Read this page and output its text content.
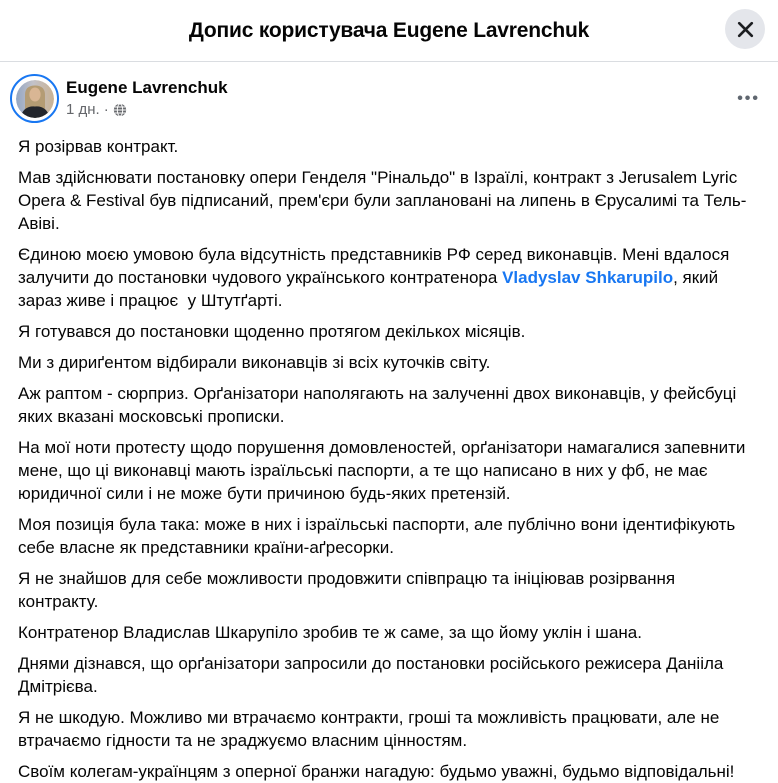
Допис користувача Eugene Lavrenchuk
Eugene Lavrenchuk
1 дн. ·
•••

Я розірвав контракт.

Мав здійснювати постановку опери Генделя "Рінальдо" в Ізраїлі, контракт з Jerusalem Lyric Opera & Festival був підписаний, прем'єри були заплановані на липень в Єрусалимі та Тель-Авіві.

Єдиною моєю умовою була відсутність представників РФ серед виконавців. Мені вдалося залучити до постановки чудового українського контратенора Vladyslav Shkarupilo, який зараз живе і працює  у Штутґарті.

Я готувався до постановки щоденно протягом декількох місяців.

Ми з дириґентом відбирали виконавців зі всіх куточків світу.

Аж раптом - сюрприз. Орґанізатори наполягають на залученні двох виконавців, у фейсбуці яких вказані московські прописки.

На мої ноти протесту щодо порушення домовленостей, орґанізатори намагалися запевнити мене, що ці виконавці мають ізраїльські паспорти, а те що написано в них у фб, не має юридичної сили і не може бути причиною будь-яких претензій.

Моя позиція була така: може в них і ізраїльські паспорти, але публічно вони ідентифікують себе власне як представники країни-аґресорки.

Я не знайшов для себе можливости продовжити співпрацю та ініціював розірвання контракту.

Контратенор Владислав Шкарупіло зробив те ж саме, за що йому уклін і шана.

Днями дізнався, що орґанізатори запросили до постановки російського режисера Данііла Дмітрієва.

Я не шкодую. Можливо ми втрачаємо контракти, гроші та можливість працювати, але не втрачаємо гідности та не зраджуємо власним цінностям.

Своїм колегам-українцям з оперної бранжи нагадую: будьмо уважні, будьмо відповідальні!
